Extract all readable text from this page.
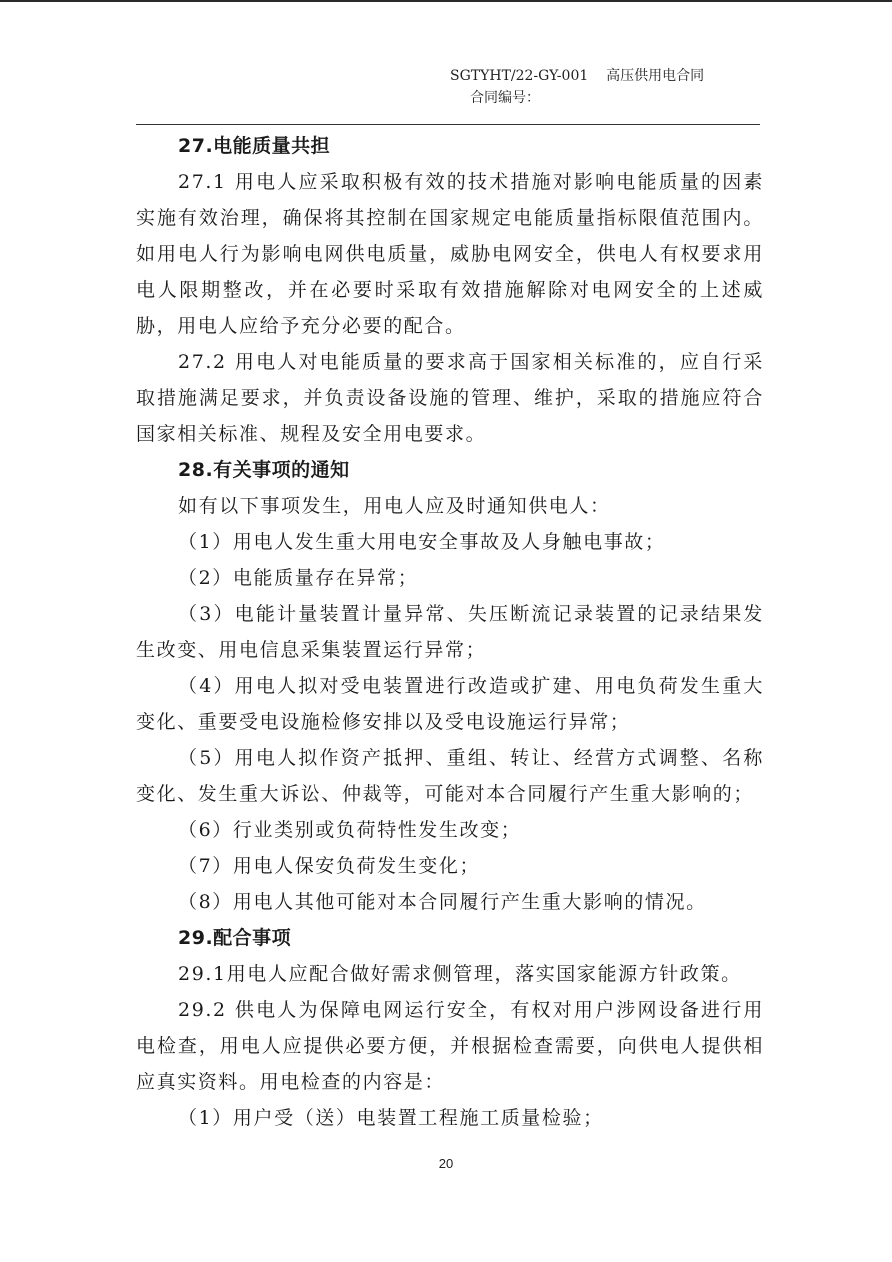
SGTYHT/22-GY-001 高压供用电合同
合同编号：

27.电能质量共担

27.1 用电人应采取积极有效的技术措施对影响电能质量的因素实施有效治理，确保将其控制在国家规定电能质量指标限值范围内。如用电人行为影响电网供电质量，威胁电网安全，供电人有权要求用电人限期整改，并在必要时采取有效措施解除对电网安全的上述威胁，用电人应给予充分必要的配合。

27.2 用电人对电能质量的要求高于国家相关标准的，应自行采取措施满足要求，并负责设备设施的管理、维护，采取的措施应符合国家相关标准、规程及安全用电要求。

28.有关事项的通知

如有以下事项发生，用电人应及时通知供电人：

（1）用电人发生重大用电安全事故及人身触电事故；

（2）电能质量存在异常；

（3）电能计量装置计量异常、失压断流记录装置的记录结果发生改变、用电信息采集装置运行异常；

（4）用电人拟对受电装置进行改造或扩建、用电负荷发生重大变化、重要受电设施检修安排以及受电设施运行异常；

（5）用电人拟作资产抵押、重组、转让、经营方式调整、名称变化、发生重大诉讼、仲裁等，可能对本合同履行产生重大影响的；

（6）行业类别或负荷特性发生改变；

（7）用电人保安负荷发生变化；

（8）用电人其他可能对本合同履行产生重大影响的情况。

29.配合事项

29.1用电人应配合做好需求侧管理，落实国家能源方针政策。

29.2 供电人为保障电网运行安全，有权对用户涉网设备进行用电检查，用电人应提供必要方便，并根据检查需要，向供电人提供相应真实资料。用电检查的内容是：

（1）用户受（送）电装置工程施工质量检验；

20
